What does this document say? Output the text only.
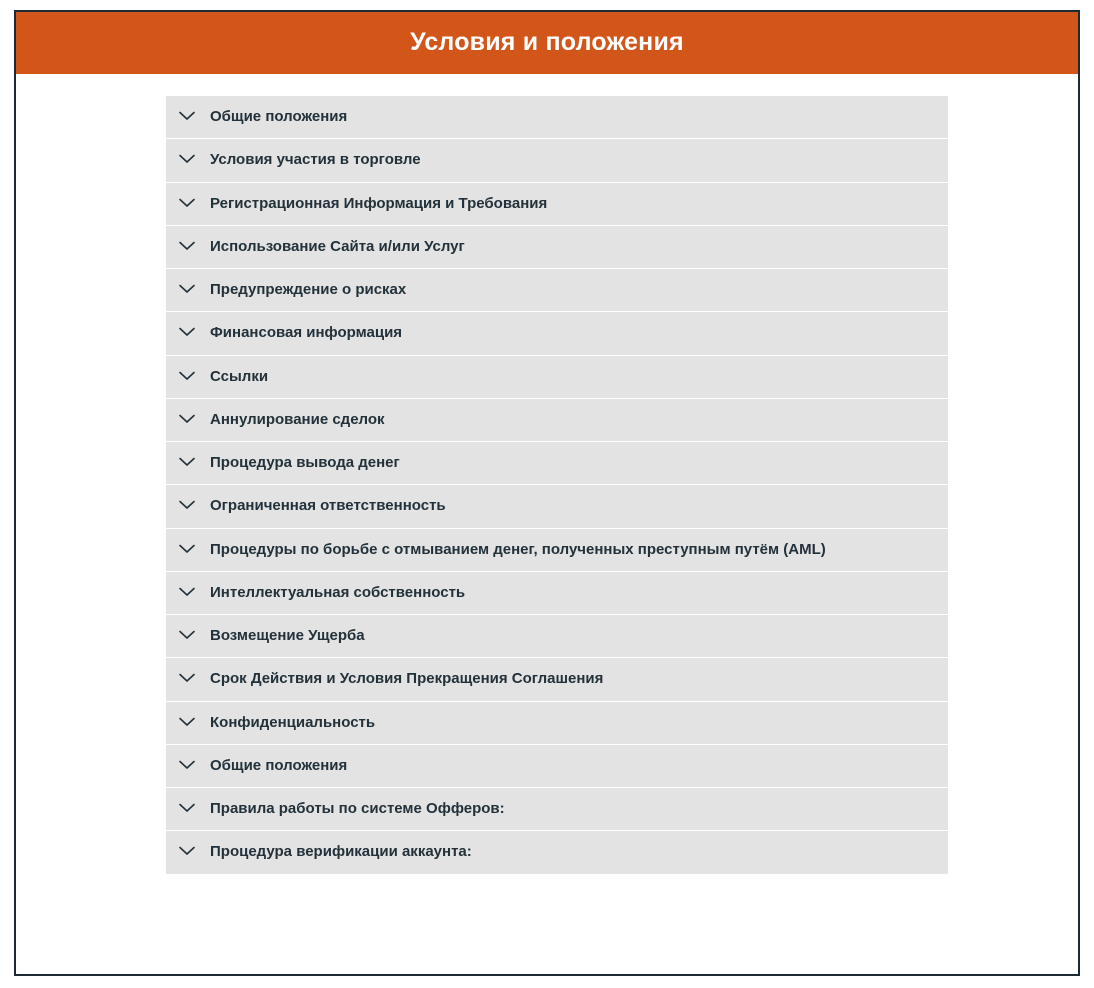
Условия и положения
Общие положения
Условия участия в торговле
Регистрационная Информация и Требования
Использование Сайта и/или Услуг
Предупреждение о рисках
Финансовая информация
Ссылки
Аннулирование сделок
Процедура вывода денег
Ограниченная ответственность
Процедуры по борьбе с отмыванием денег, полученных преступным путём (AML)
Интеллектуальная собственность
Возмещение Ущерба
Срок Действия и Условия Прекращения Соглашения
Конфиденциальность
Общие положения
Правила работы по системе Офферов:
Процедура верификации аккаунта:
